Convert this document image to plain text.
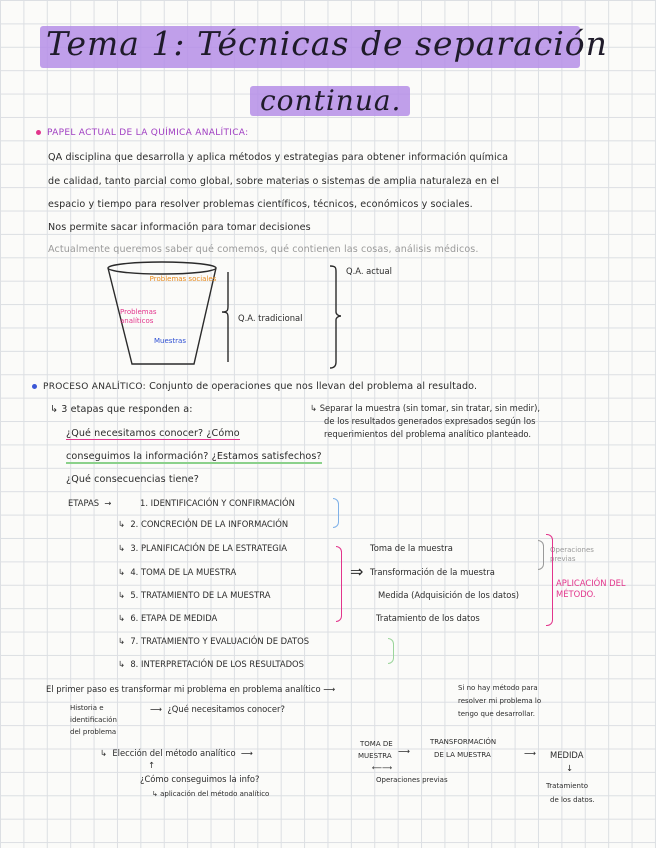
Tema 1: Técnicas de separación
continua.
PAPEL ACTUAL DE LA QUÍMICA ANALÍTICA:
QA disciplina que desarrolla y aplica métodos y estrategias para obtener información química
de calidad, tanto parcial como global, sobre materias o sistemas de amplia naturaleza en el
espacio y tiempo para resolver problemas científicos, técnicos, económicos y sociales.
Nos permite sacar información para tomar decisiones
Actualmente queremos saber qué comemos, qué contienen las cosas, análisis médicos.
Problemas sociales
Problemas analíticos
Muestras
Q.A. tradicional
Q.A. actual
PROCESO ANALÍTICO: Conjunto de operaciones que nos llevan del problema al resultado.
↳ 3 etapas que responden a:
¿Qué necesitamos conocer? ¿Cómo
conseguimos la información? ¿Estamos satisfechos?
¿Qué consecuencias tiene?
↳ Separar la muestra (sin tomar, sin tratar, sin medir),
de los resultados generados expresados según los
requerimientos del problema analítico planteado.
ETAPAS  →	1. IDENTIFICACIÓN Y CONFIRMACIÓN
↳  2. CONCRECIÓN DE LA INFORMACIÓN
↳  3. PLANIFICACIÓN DE LA ESTRATEGIA
↳  4. TOMA DE LA MUESTRA
↳  5. TRATAMIENTO DE LA MUESTRA
↳  6. ETAPA DE MEDIDA
↳  7. TRATAMIENTO Y EVALUACIÓN DE DATOS
↳  8. INTERPRETACIÓN DE LOS RESULTADOS
⇒
Toma de la muestra
Transformación de la muestra
Medida (Adquisición de los datos)
Tratamiento de los datos
Operaciones previas
APLICACIÓN DEL MÉTODO.
El primer paso es transformar mi problema en problema analítico ⟶	Si no hay método para
resolver mi problema lo
tengo que desarrollar.
Historia e
identificación
del problema
⟶  ¿Qué necesitamos conocer?
↳  Elección del método analítico  ⟶
TOMA DE
MUESTRA ⟶
TRANSFORMACIÓN
DE LA MUESTRA	⟶ MEDIDA
↓
Tratamiento
de los datos.
⟵⟶
Operaciones previas
↑
¿Cómo conseguimos la info?
↳ aplicación del método analítico
